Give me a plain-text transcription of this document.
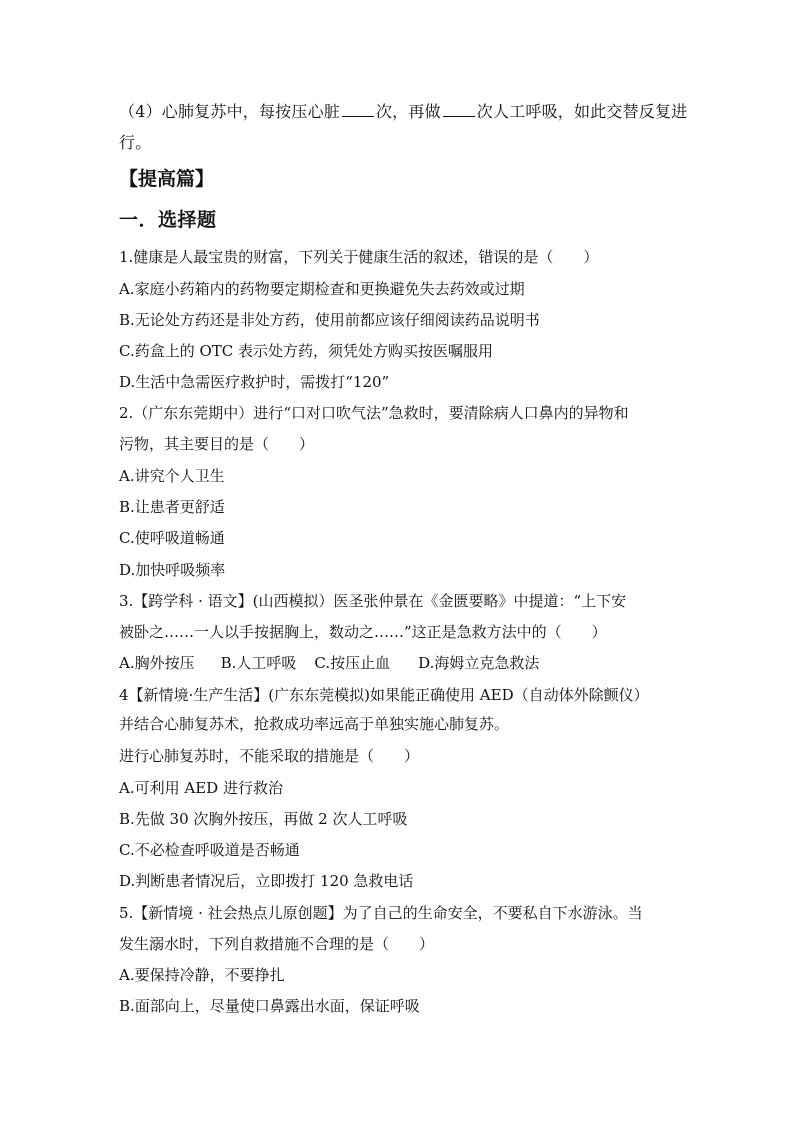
（4）心肺复苏中，每按压心脏 次，再做 次人工呼吸，如此交替反复进
行。
【提高篇】
一．选择题
1.健康是人最宝贵的财富，下列关于健康生活的叙述，错误的是（　　）
A.家庭小药箱内的药物要定期检查和更换避免失去药效或过期
B.无论处方药还是非处方药，使用前都应该仔细阅读药品说明书
C.药盒上的 OTC 表示处方药，须凭处方购买按医嘱服用
D.生活中急需医疗救护时，需拨打“120”
2.（广东东莞期中）进行“口对口吹气法”急救时，要清除病人口鼻内的异物和
污物，其主要目的是（　　）
A.讲究个人卫生
B.让患者更舒适
C.使呼吸道畅通
D.加快呼吸频率
3.【跨学科 · 语文】(山西模拟）医圣张仲景在《金匮要略》中提道：“上下安
被卧之……一人以手按据胸上，数动之……”这正是急救方法中的（　　）
A.胸外按压 B.人工呼吸 C.按压止血 D.海姆立克急救法
4【新情境·生产生活】(广东东莞模拟)如果能正确使用 AED（自动体外除颤仪）
并结合心肺复苏术，抢救成功率远高于单独实施心肺复苏。
进行心肺复苏时，不能采取的措施是（　　）
A.可利用 AED 进行救治
B.先做 30 次胸外按压，再做 2 次人工呼吸
C.不必检查呼吸道是否畅通
D.判断患者情况后，立即拨打 120 急救电话
5.【新情境 · 社会热点儿原创题】为了自己的生命安全，不要私自下水游泳。当
发生溺水时，下列自救措施不合理的是（　　）
A.要保持冷静，不要挣扎
B.面部向上，尽量使口鼻露出水面，保证呼吸
